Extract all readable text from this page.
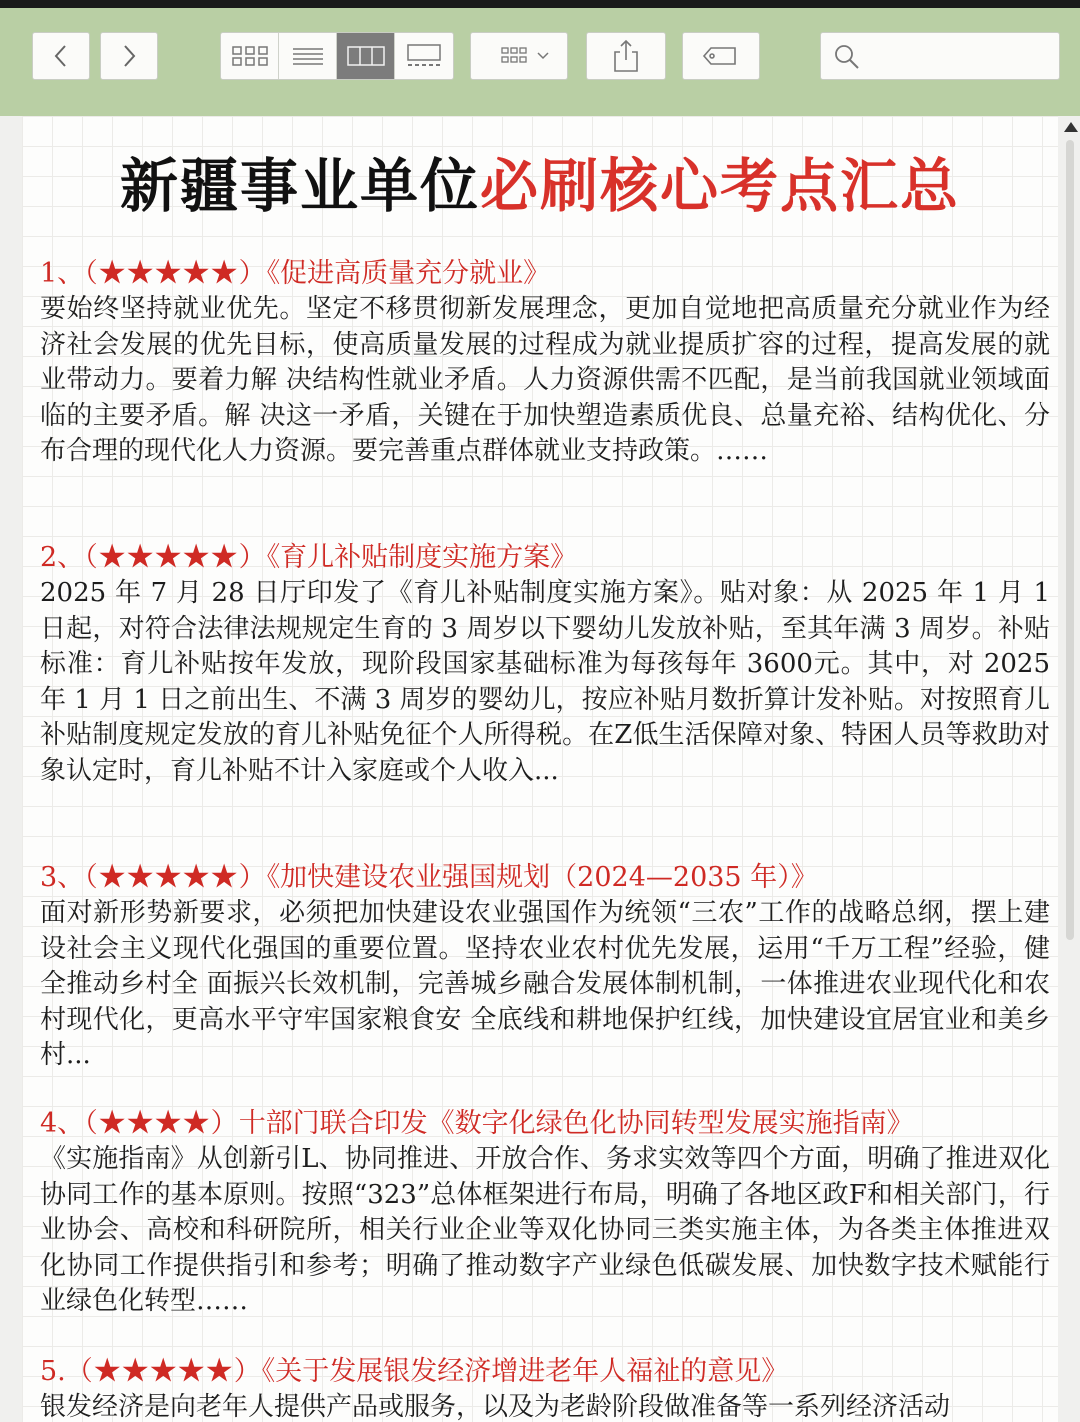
新疆事业单位必刷核心考点汇总
1、（★★★★★）《促进高质量充分就业》
要始终坚持就业优先。坚定不移贯彻新发展理念，更加自觉地把高质量充分就业作为经济社会发展的优先目标，使高质量发展的过程成为就业提质扩容的过程，提高发展的就业带动力。要着力解 决结构性就业矛盾。人力资源供需不匹配，是当前我国就业领域面临的主要矛盾。解 决这一矛盾，关键在于加快塑造素质优良、总量充裕、结构优化、分布合理的现代化人力资源。要完善重点群体就业支持政策。……
2、（★★★★★）《育儿补贴制度实施方案》
2025 年 7 月 28 日厅印发了《育儿补贴制度实施方案》。贴对象：从 2025 年 1 月 1 日起，对符合法律法规规定生育的 3 周岁以下婴幼儿发放补贴，至其年满 3 周岁。补贴标准：育儿补贴按年发放，现阶段国家基础标准为每孩每年 3600元。其中，对 2025 年 1 月 1 日之前出生、不满 3 周岁的婴幼儿，按应补贴月数折算计发补贴。对按照育儿补贴制度规定发放的育儿补贴免征个人所得税。在Z低生活保障对象、特困人员等救助对象认定时，育儿补贴不计入家庭或个人收入...
3、（★★★★★）《加快建设农业强国规划（2024—2035 年）》
面对新形势新要求，必须把加快建设农业强国作为统领“三农”工作的战略总纲，摆上建设社会主义现代化强国的重要位置。坚持农业农村优先发展，运用“千万工程”经验，健全推动乡村全 面振兴长效机制，完善城乡融合发展体制机制，一体推进农业现代化和农村现代化，更高水平守牢国家粮食安 全底线和耕地保护红线，加快建设宜居宜业和美乡村...
4、（★★★★）十部门联合印发《数字化绿色化协同转型发展实施指南》
《实施指南》从创新引L、协同推进、开放合作、务求实效等四个方面，明确了推进双化协同工作的基本原则。按照“323”总体框架进行布局，明确了各地区政F和相关部门，行业协会、高校和科研院所，相关行业企业等双化协同三类实施主体，为各类主体推进双化协同工作提供指引和参考；明确了推动数字产业绿色低碳发展、加快数字技术赋能行业绿色化转型……
5.（★★★★★）《关于发展银发经济增进老年人福祉的意见》
银发经济是向老年人提供产品或服务，以及为老龄阶段做准备等一系列经济活动
